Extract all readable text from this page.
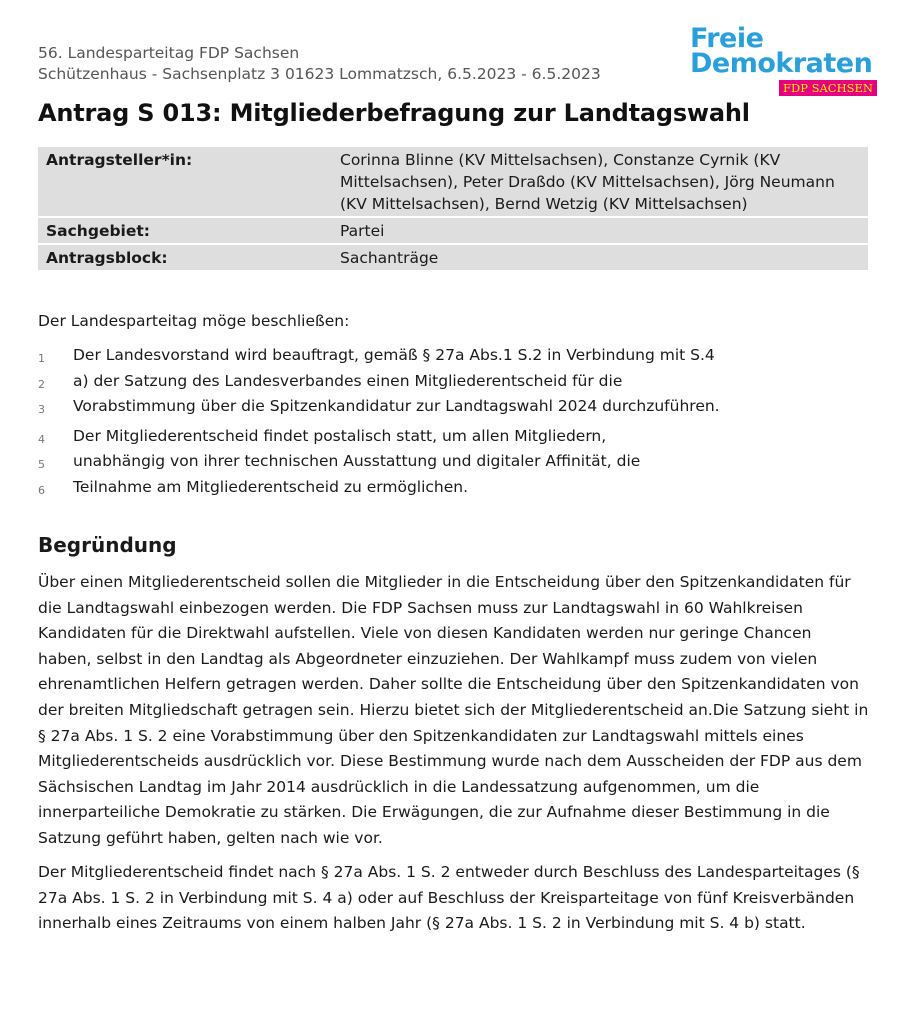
56. Landesparteitag FDP Sachsen
Schützenhaus - Sachsenplatz 3 01623 Lommatzsch, 6.5.2023 - 6.5.2023
Freie
Demokraten
FDP SACHSEN
Antrag S 013: Mitgliederbefragung zur Landtagswahl
Antragsteller*in:	Corinna Blinne (KV Mittelsachsen), Constanze Cyrnik (KV
Mittelsachsen), Peter Draßdo (KV Mittelsachsen), Jörg Neumann
(KV Mittelsachsen), Bernd Wetzig (KV Mittelsachsen)

Sachgebiet:	Partei

Antragsblock:	Sachanträge

Der Landesparteitag möge beschließen:

1	Der Landesvorstand wird beauftragt, gemäß § 27a Abs.1 S.2 in Verbindung mit S.4
2	a) der Satzung des Landesverbandes einen Mitgliederentscheid für die
3	Vorabstimmung über die Spitzenkandidatur zur Landtagswahl 2024 durchzuführen.
4	Der Mitgliederentscheid findet postalisch statt, um allen Mitgliedern,
5	unabhängig von ihrer technischen Ausstattung und digitaler Affinität, die
6	Teilnahme am Mitgliederentscheid zu ermöglichen.
Begründung
Über einen Mitgliederentscheid sollen die Mitglieder in die Entscheidung über den Spitzenkandidaten für
die Landtagswahl einbezogen werden. Die FDP Sachsen muss zur Landtagswahl in 60 Wahlkreisen
Kandidaten für die Direktwahl aufstellen. Viele von diesen Kandidaten werden nur geringe Chancen
haben, selbst in den Landtag als Abgeordneter einzuziehen. Der Wahlkampf muss zudem von vielen
ehrenamtlichen Helfern getragen werden. Daher sollte die Entscheidung über den Spitzenkandidaten von
der breiten Mitgliedschaft getragen sein. Hierzu bietet sich der Mitgliederentscheid an.Die Satzung sieht in
§ 27a Abs. 1 S. 2 eine Vorabstimmung über den Spitzenkandidaten zur Landtagswahl mittels eines
Mitgliederentscheids ausdrücklich vor. Diese Bestimmung wurde nach dem Ausscheiden der FDP aus dem
Sächsischen Landtag im Jahr 2014 ausdrücklich in die Landessatzung aufgenommen, um die
innerparteiliche Demokratie zu stärken. Die Erwägungen, die zur Aufnahme dieser Bestimmung in die
Satzung geführt haben, gelten nach wie vor.
Der Mitgliederentscheid findet nach § 27a Abs. 1 S. 2 entweder durch Beschluss des Landesparteitages (§
27a Abs. 1 S. 2 in Verbindung mit S. 4 a) oder auf Beschluss der Kreisparteitage von fünf Kreisverbänden
innerhalb eines Zeitraums von einem halben Jahr (§ 27a Abs. 1 S. 2 in Verbindung mit S. 4 b) statt.
